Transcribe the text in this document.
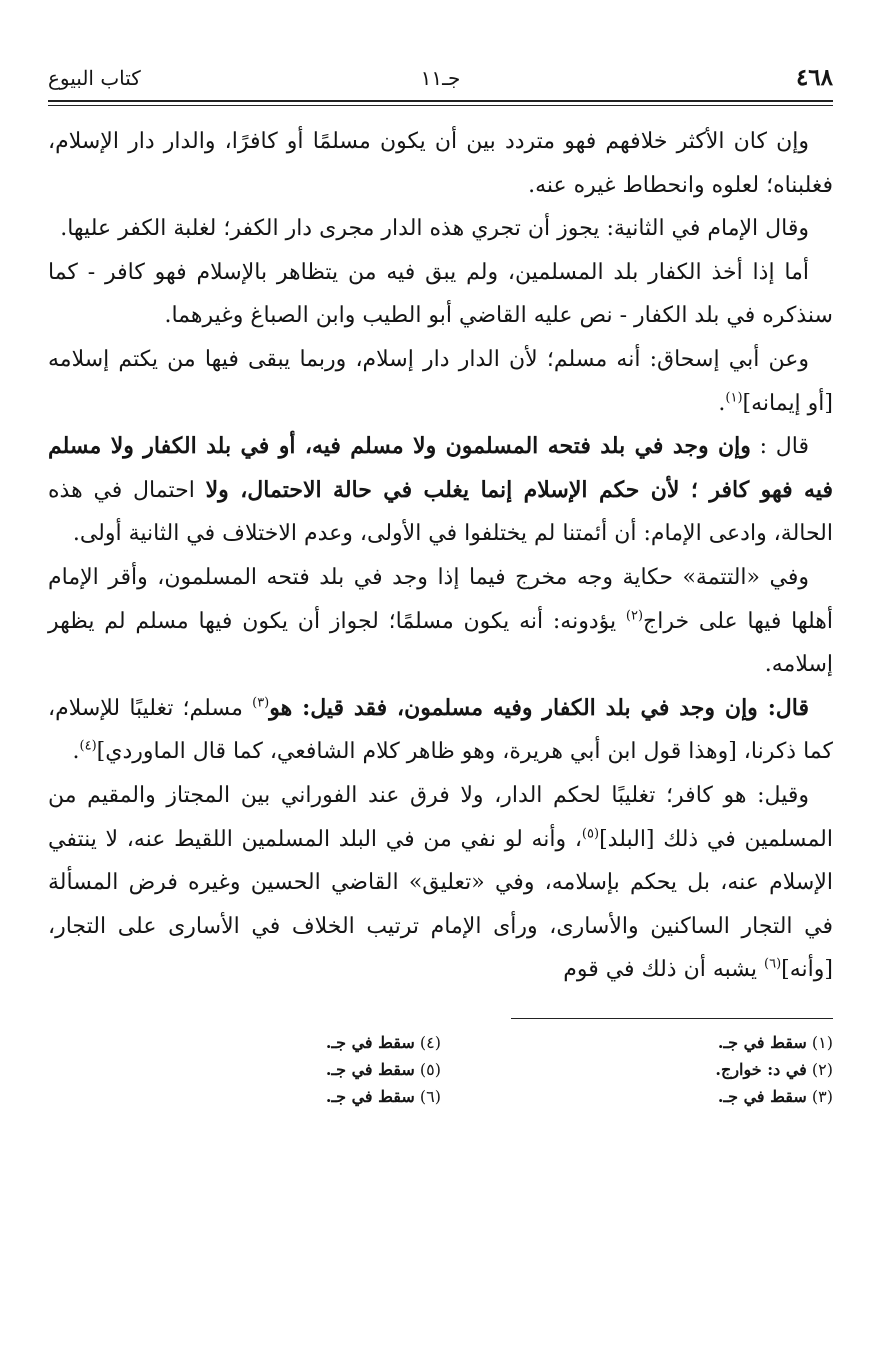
٤٦٨
جـ١١
كتاب البيوع

وإن كان الأكثر خلافهم فهو متردد بين أن يكون مسلمًا أو كافرًا، والدار دار الإسلام، فغلبناه؛ لعلوه وانحطاط غيره عنه.

وقال الإمام في الثانية: يجوز أن تجري هذه الدار مجرى دار الكفر؛ لغلبة الكفر عليها.

أما إذا أخذ الكفار بلد المسلمين، ولم يبق فيه من يتظاهر بالإسلام فهو كافر - كما سنذكره في بلد الكفار - نص عليه القاضي أبو الطيب وابن الصباغ وغيرهما.

وعن أبي إسحاق: أنه مسلم؛ لأن الدار دار إسلام، وربما يبقى فيها من يكتم إسلامه [أو إيمانه]$^{(١)}$.

قال : وإن وجد في بلد فتحه المسلمون ولا مسلم فيه، أو في بلد الكفار ولا مسلم فيه فهو كافر ؛ لأن حكم الإسلام إنما يغلب في حالة الاحتمال، ولا احتمال في هذه الحالة، وادعى الإمام: أن أئمتنا لم يختلفوا في الأولى، وعدم الاختلاف في الثانية أولى.

وفي «التتمة» حكاية وجه مخرج فيما إذا وجد في بلد فتحه المسلمون، وأقر الإمام أهلها فيها على خراج$^{(٢)}$ يؤدونه: أنه يكون مسلمًا؛ لجواز أن يكون فيها مسلم لم يظهر إسلامه.

قال: وإن وجد في بلد الكفار وفيه مسلمون، فقد قيل: هو$^{(٣)}$ مسلم؛ تغليبًا للإسلام، كما ذكرنا، [وهذا قول ابن أبي هريرة، وهو ظاهر كلام الشافعي، كما قال الماوردي]$^{(٤)}$.

وقيل: هو كافر؛ تغليبًا لحكم الدار، ولا فرق عند الفوراني بين المجتاز والمقيم من المسلمين في ذلك [البلد]$^{(٥)}$، وأنه لو نفي من في البلد المسلمين اللقيط عنه، لا ينتفي الإسلام عنه، بل يحكم بإسلامه، وفي «تعليق» القاضي الحسين وغيره فرض المسألة في التجار الساكنين والأسارى، ورأى الإمام ترتيب الخلاف في الأسارى على التجار، [وأنه]$^{(٦)}$ يشبه أن ذلك في قوم

(١) سقط في جـ.
(٢) في د: خوارج.
(٣) سقط في جـ.
(٤) سقط في جـ.
(٥) سقط في جـ.
(٦) سقط في جـ.
